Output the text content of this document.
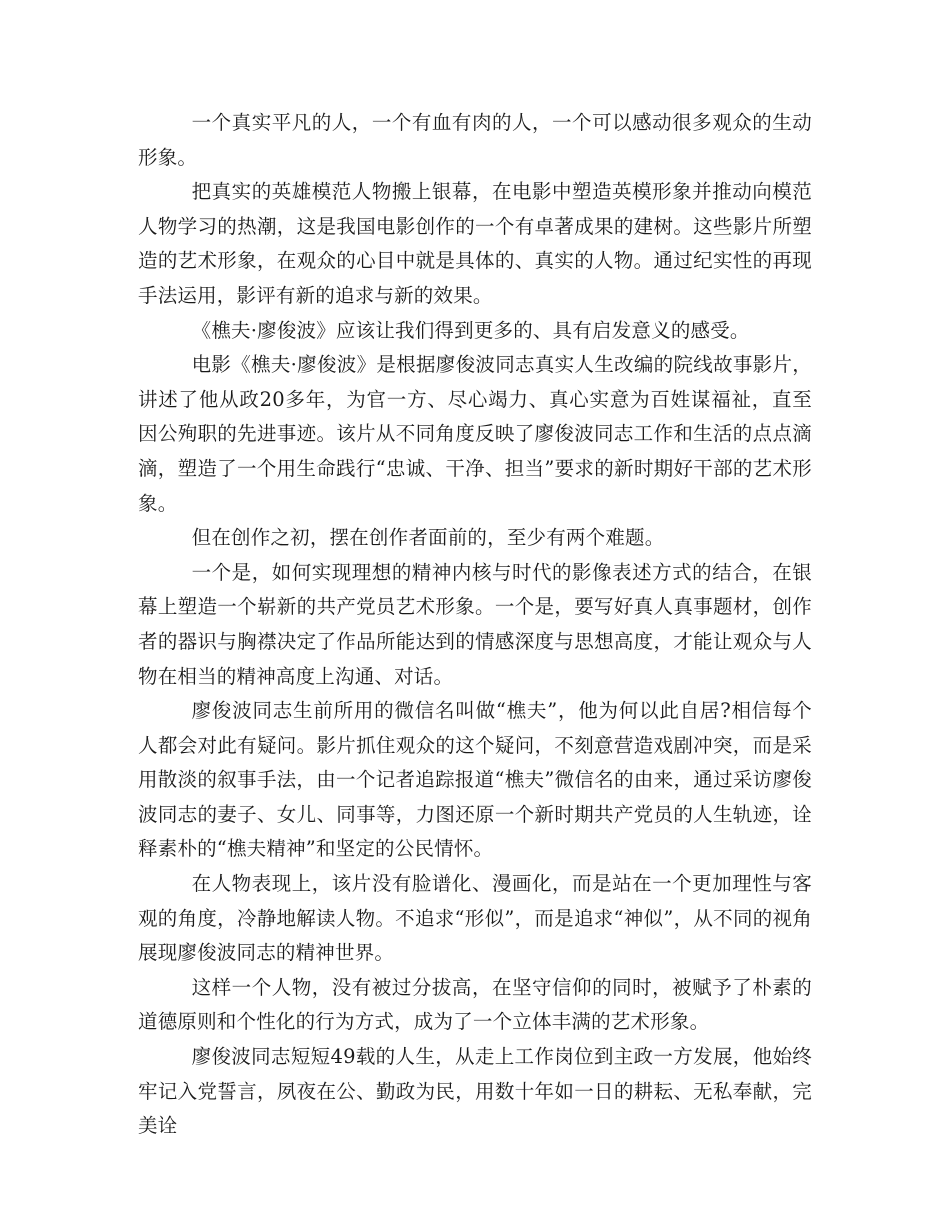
一个真实平凡的人，一个有血有肉的人，一个可以感动很多观众的生动形象。

把真实的英雄模范人物搬上银幕，在电影中塑造英模形象并推动向模范人物学习的热潮，这是我国电影创作的一个有卓著成果的建树。这些影片所塑造的艺术形象，在观众的心目中就是具体的、真实的人物。通过纪实性的再现手法运用，影评有新的追求与新的效果。

《樵夫·廖俊波》应该让我们得到更多的、具有启发意义的感受。

电影《樵夫·廖俊波》是根据廖俊波同志真实人生改编的院线故事影片，讲述了他从政20多年，为官一方、尽心竭力、真心实意为百姓谋福祉，直至因公殉职的先进事迹。该片从不同角度反映了廖俊波同志工作和生活的点点滴滴，塑造了一个用生命践行“忠诚、干净、担当”要求的新时期好干部的艺术形象。

但在创作之初，摆在创作者面前的，至少有两个难题。

一个是，如何实现理想的精神内核与时代的影像表述方式的结合，在银幕上塑造一个崭新的共产党员艺术形象。一个是，要写好真人真事题材，创作者的器识与胸襟决定了作品所能达到的情感深度与思想高度，才能让观众与人物在相当的精神高度上沟通、对话。

廖俊波同志生前所用的微信名叫做“樵夫”，他为何以此自居?相信每个人都会对此有疑问。影片抓住观众的这个疑问，不刻意营造戏剧冲突，而是采用散淡的叙事手法，由一个记者追踪报道“樵夫”微信名的由来，通过采访廖俊波同志的妻子、女儿、同事等，力图还原一个新时期共产党员的人生轨迹，诠释素朴的“樵夫精神”和坚定的公民情怀。

在人物表现上，该片没有脸谱化、漫画化，而是站在一个更加理性与客观的角度，冷静地解读人物。不追求“形似”，而是追求“神似”，从不同的视角展现廖俊波同志的精神世界。

这样一个人物，没有被过分拔高，在坚守信仰的同时，被赋予了朴素的道德原则和个性化的行为方式，成为了一个立体丰满的艺术形象。

廖俊波同志短短49载的人生，从走上工作岗位到主政一方发展，他始终牢记入党誓言，夙夜在公、勤政为民，用数十年如一日的耕耘、无私奉献，完美诠
